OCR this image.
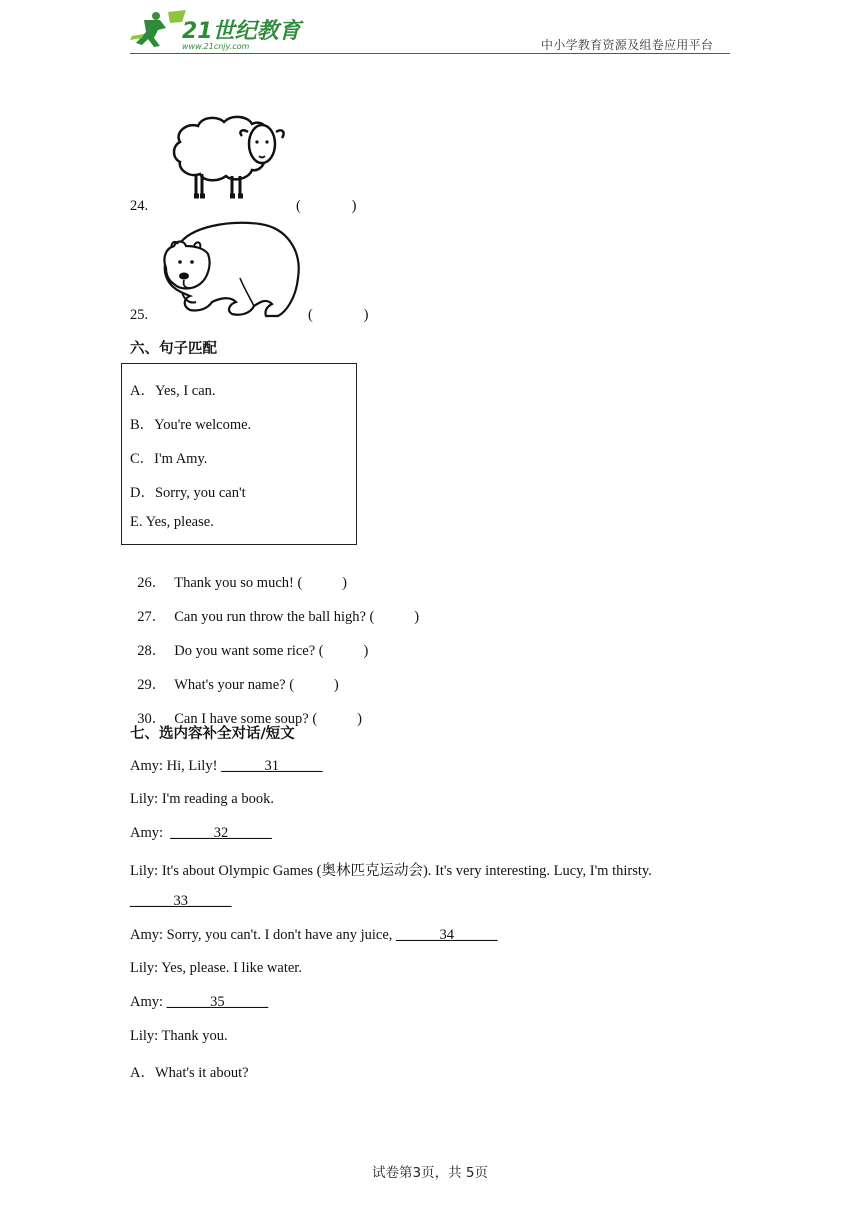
21世纪教育
www.21cnjy.com	中小学教育资源及组卷应用平台
24.	(              )
25.	(              )
六、句子匹配
A．Yes, I can.
B．You're welcome.
C．I'm Amy.
D．Sorry, you can't
E. Yes, please.

26． Thank you so much! (           )

27． Can you run throw the ball high? (           )

28． Do you want some rice? (           )

29． What's your name? (           )

30． Can I have some soup? (           )

七、选内容补全对话/短文
Amy: Hi, Lily! ______31______
Lily: I'm reading a book.
Amy:  ______32______
Lily: It's about Olympic Games (奥林匹克运动会). It's very interesting. Lucy, I'm thirsty.
______33______
Amy: Sorry, you can't. I don't have any juice, ______34______
Lily: Yes, please. I like water.
Amy: ______35______
Lily: Thank you.
A．What's it about?
试卷第3页，共 5页
